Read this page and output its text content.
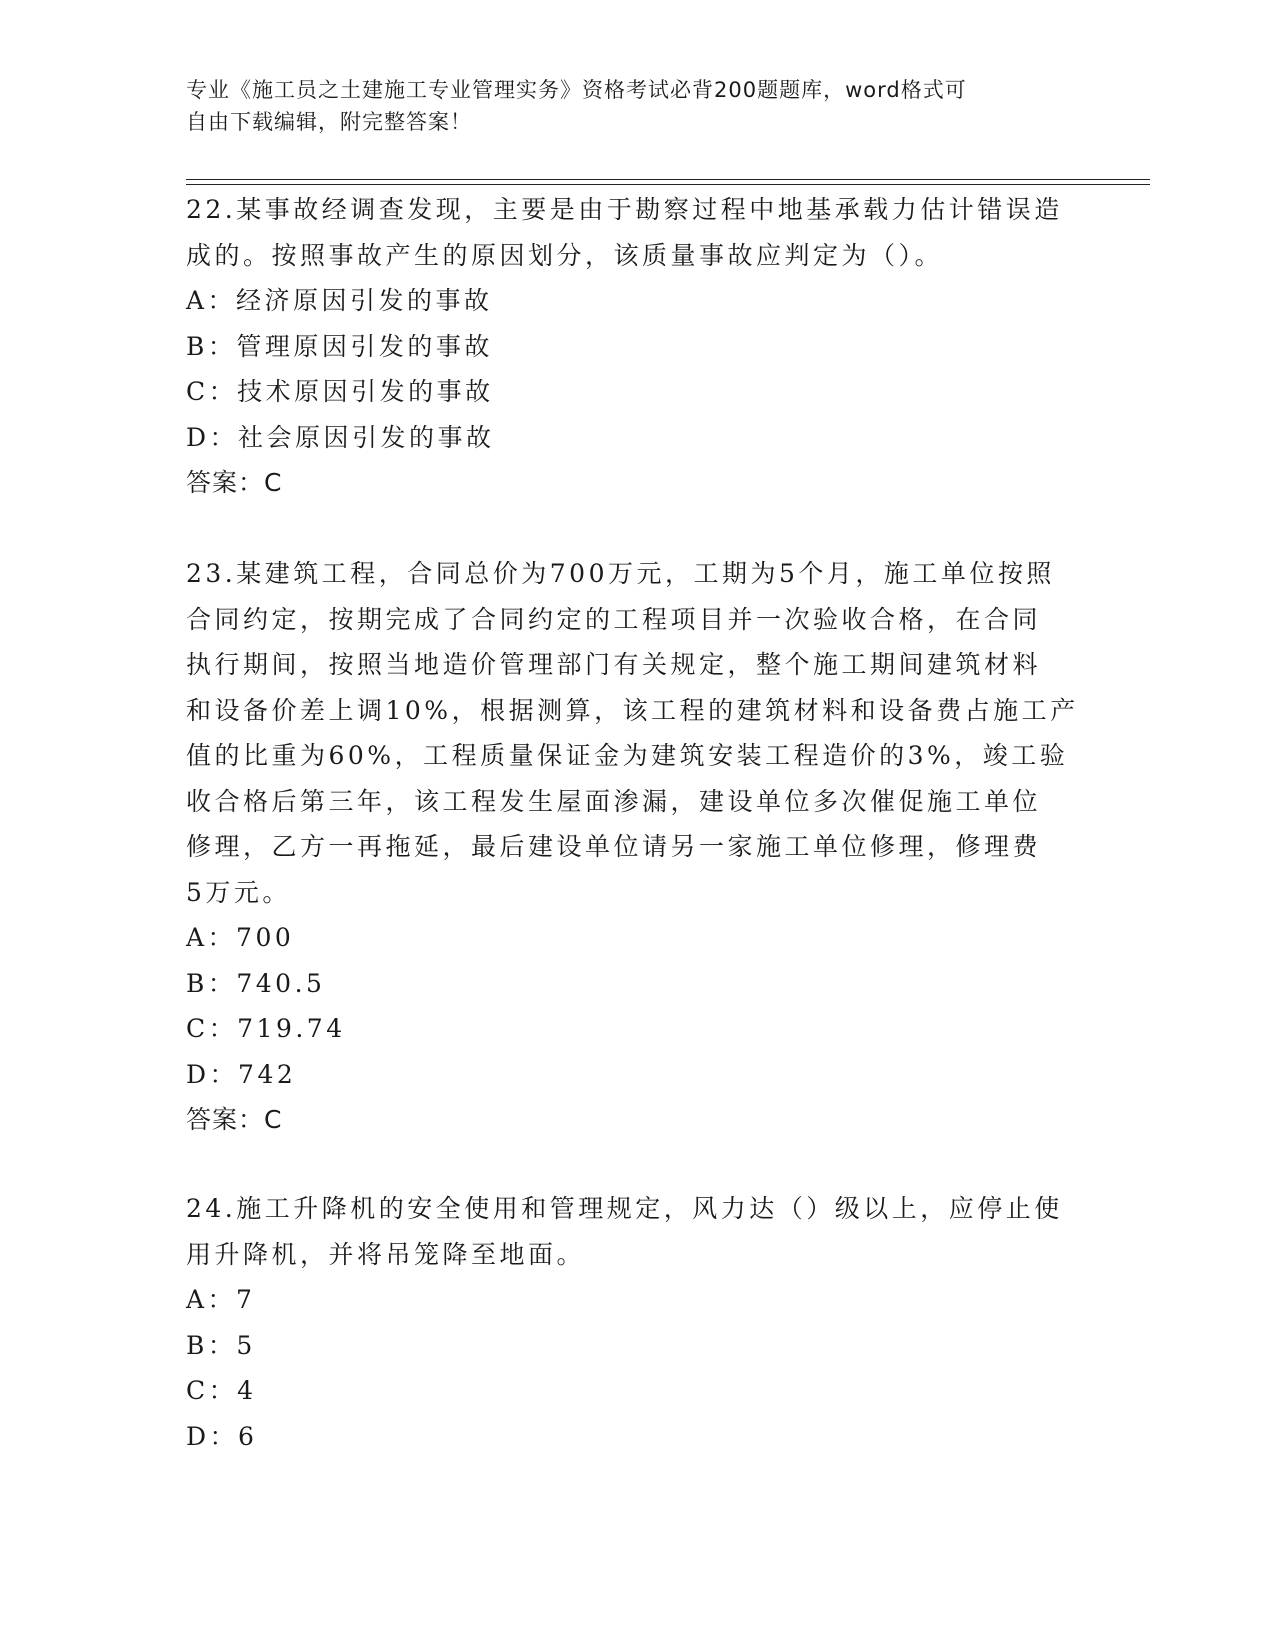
专业《施工员之土建施工专业管理实务》资格考试必背200题题库，word格式可
自由下载编辑，附完整答案！

22.某事故经调查发现，主要是由于勘察过程中地基承载力估计错误造

成的。按照事故产生的原因划分，该质量事故应判定为（）。

A：经济原因引发的事故

B：管理原因引发的事故

C：技术原因引发的事故

D：社会原因引发的事故

答案：C

23.某建筑工程，合同总价为700万元，工期为5个月，施工单位按照

合同约定，按期完成了合同约定的工程项目并一次验收合格，在合同

执行期间，按照当地造价管理部门有关规定，整个施工期间建筑材料

和设备价差上调10%，根据测算，该工程的建筑材料和设备费占施工产

值的比重为60%，工程质量保证金为建筑安装工程造价的3%，竣工验

收合格后第三年，该工程发生屋面渗漏，建设单位多次催促施工单位

修理，乙方一再拖延，最后建设单位请另一家施工单位修理，修理费

5万元。

A：700

B：740.5

C：719.74

D：742

答案：C

24.施工升降机的安全使用和管理规定，风力达（）级以上，应停止使

用升降机，并将吊笼降至地面。

A：7

B：5

C：4

D：6
